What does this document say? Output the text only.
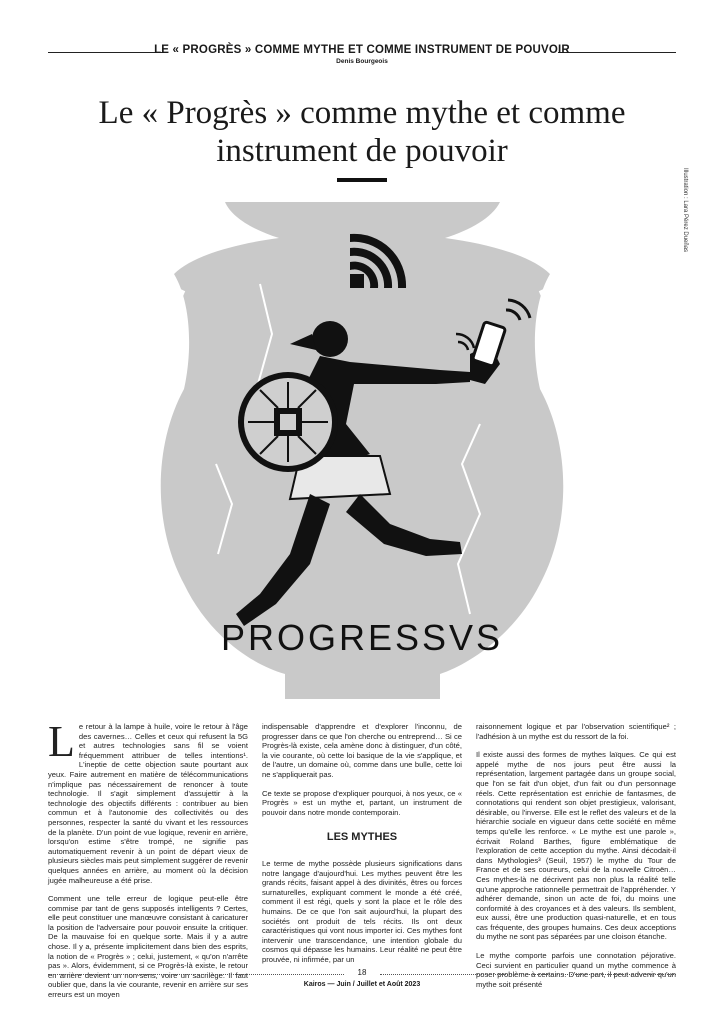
LE « PROGRÈS » COMME MYTHE ET COMME INSTRUMENT DE POUVOIR
Denis Bourgeois
Le « Progrès » comme mythe et comme instrument de pouvoir
Illustration : Lara Pérez Dueñas
PROGRESSVS

Le retour à la lampe à huile, voire le retour à l'âge des cavernes… Celles et ceux qui refusent la 5G et autres technologies sans fil se voient fréquemment attribuer de telles intentions¹. L'ineptie de cette objection saute pourtant aux yeux. Faire autrement en matière de télécommunications n'implique pas nécessairement de renoncer à toute technologie. Il s'agit simplement d'assujettir à la technologie des objectifs différents : contribuer au bien commun et à l'autonomie des collectivités ou des personnes, respecter la santé du vivant et les ressources de la planète. D'un point de vue logique, revenir en arrière, lorsqu'on estime s'être trompé, ne signifie pas automatiquement revenir à un point de départ vieux de plusieurs siècles mais peut simplement suggérer de revenir quelques années en arrière, au moment où la décision jugée malheureuse a été prise.

Comment une telle erreur de logique peut-elle être commise par tant de gens supposés intelligents ? Certes, elle peut constituer une manœuvre consistant à caricaturer la position de l'adversaire pour pouvoir ensuite la critiquer. De la mauvaise foi en quelque sorte. Mais il y a autre chose. Il y a, présente implicitement dans bien des esprits, la notion de « Progrès » ; celui, justement, « qu'on n'arrête pas ». Alors, évidemment, si ce Progrès-là existe, le retour en arrière devient un non-sens, voire un sacrilège. Il faut oublier que, dans la vie courante, revenir en arrière sur ses erreurs est un moyen

indispensable d'apprendre et d'explorer l'inconnu, de progresser dans ce que l'on cherche ou entreprend… Si ce Progrès-là existe, cela amène donc à distinguer, d'un côté, la vie courante, où cette loi basique de la vie s'applique, et de l'autre, un domaine où, comme dans une bulle, cette loi ne s'appliquerait pas.

Ce texte se propose d'expliquer pourquoi, à nos yeux, ce « Progrès » est un mythe et, partant, un instrument de pouvoir dans notre monde contemporain.

LES MYTHES

Le terme de mythe possède plusieurs significations dans notre langage d'aujourd'hui. Les mythes peuvent être les grands récits, faisant appel à des divinités, êtres ou forces surnaturelles, expliquant comment le monde a été créé, comment il est régi, quels y sont la place et le rôle des humains. De ce que l'on sait aujourd'hui, la plupart des sociétés ont produit de tels récits. Ils ont deux caractéristiques qui vont nous importer ici. Ces mythes font intervenir une transcendance, une intention globale du cosmos qui dépasse les humains. Leur réalité ne peut être prouvée, ni infirmée, par un

raisonnement logique et par l'observation scientifique² ; l'adhésion à un mythe est du ressort de la foi.

Il existe aussi des formes de mythes laïques. Ce qui est appelé mythe de nos jours peut être aussi la représentation, largement partagée dans un groupe social, que l'on se fait d'un objet, d'un fait ou d'un personnage réels. Cette représentation est enrichie de fantasmes, de connotations qui rendent son objet prestigieux, valorisant, désirable, ou l'inverse. Elle est le reflet des valeurs et de la hiérarchie sociale en vigueur dans cette société en même temps qu'elle les renforce. « Le mythe est une parole », écrivait Roland Barthes, figure emblématique de l'exploration de cette acception du mythe. Ainsi décodait-il dans Mythologies³ (Seuil, 1957) le mythe du Tour de France et de ses coureurs, celui de la nouvelle Citroën… Ces mythes-là ne décrivent pas non plus la réalité telle qu'une approche rationnelle permettrait de l'appréhender. Y adhérer demande, sinon un acte de foi, du moins une conformité à des croyances et à des valeurs. Ils semblent, eux aussi, être une production quasi-naturelle, et en tous cas fréquente, des groupes humains. Ces deux acceptions du mythe ne sont pas séparées par une cloison étanche.

Le mythe comporte parfois une connotation péjorative. Ceci survient en particulier quand un mythe commence à poser problème à certains. D'une part, il peut advenir qu'un mythe soit présenté

18
Kairos — Juin / Juillet et Août 2023
